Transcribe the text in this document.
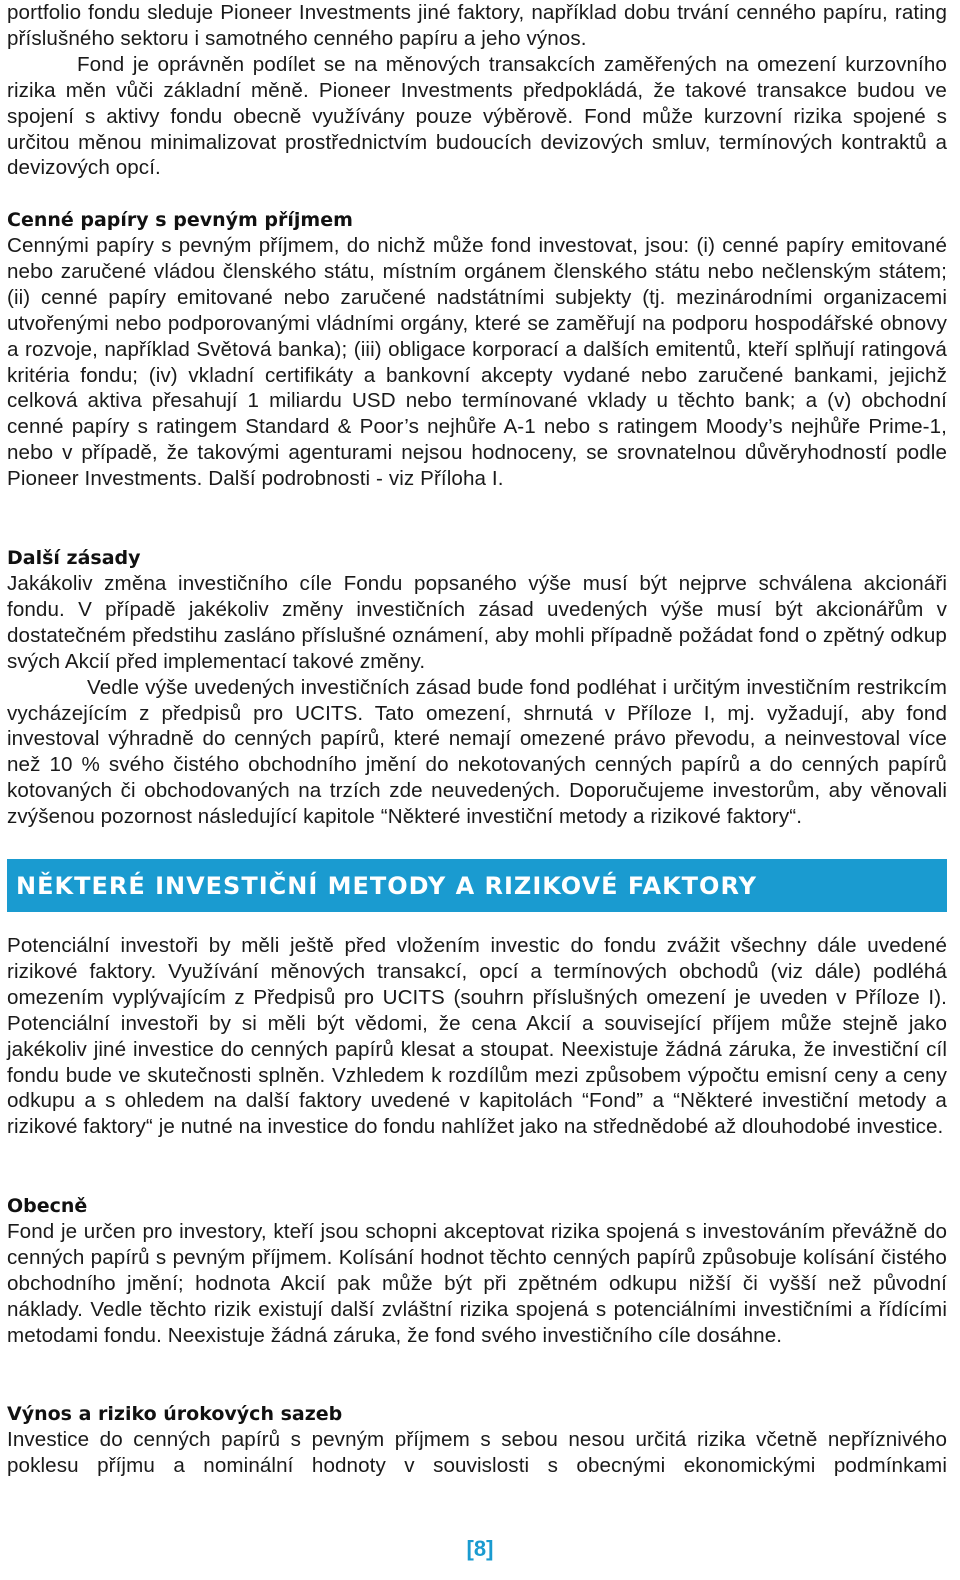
portfolio fondu sleduje Pioneer Investments jiné faktory, například dobu trvání cenného papíru, rating příslušného sektoru i samotného cenného papíru a jeho výnos.

Fond je oprávněn podílet se na měnových transakcích zaměřených na omezení kurzovního rizika měn vůči základní měně. Pioneer Investments předpokládá, že takové transakce budou ve spojení s aktivy fondu obecně využívány pouze výběrově. Fond může kurzovní rizika spojené s určitou měnou minimalizovat prostřednictvím budoucích devizových smluv, termínových kontraktů a devizových opcí.

Cenné papíry s pevným příjmem

Cennými papíry s pevným příjmem, do nichž může fond investovat, jsou: (i) cenné papíry emitované nebo zaručené vládou členského státu, místním orgánem členského státu nebo nečlenským státem; (ii) cenné papíry emitované nebo zaručené nadstátními subjekty (tj. mezinárodními organizacemi utvořenými nebo podporovanými vládními orgány, které se zaměřují na podporu hospodářské obnovy a rozvoje, například Světová banka); (iii) obligace korporací a dalších emitentů, kteří splňují ratingová kritéria fondu; (iv) vkladní certifikáty a bankovní akcepty vydané nebo zaručené bankami, jejichž celková aktiva přesahují 1 miliardu USD nebo termínované vklady u těchto bank; a (v) obchodní cenné papíry s ratingem Standard & Poor’s nejhůře A-1 nebo s ratingem Moody’s nejhůře Prime-1, nebo v případě, že takovými agenturami nejsou hodnoceny, se srovnatelnou důvěryhodností podle Pioneer Investments. Další podrobnosti - viz Příloha I.

Další zásady

Jakákoliv změna investičního cíle Fondu popsaného výše musí být nejprve schválena akcionáři fondu. V případě jakékoliv změny investičních zásad uvedených výše musí být akcionářům v dostatečném předstihu zasláno příslušné oznámení, aby mohli případně požádat fond o zpětný odkup svých Akcií před implementací takové změny.

Vedle výše uvedených investičních zásad bude fond podléhat i určitým investičním restrikcím vycházejícím z předpisů pro UCITS. Tato omezení, shrnutá v Příloze I, mj. vyžadují, aby fond investoval výhradně do cenných papírů, které nemají omezené právo převodu, a neinvestoval více než 10 % svého čistého obchodního jmění do nekotovaných cenných papírů a do cenných papírů kotovaných či obchodovaných na trzích zde neuvedených. Doporučujeme investorům, aby věnovali zvýšenou pozornost následující kapitole “Některé investiční metody a rizikové faktory“.

NĚKTERÉ INVESTIČNÍ METODY A RIZIKOVÉ FAKTORY

Potenciální investoři by měli ještě před vložením investic do fondu zvážit všechny dále uvedené rizikové faktory. Využívání měnových transakcí, opcí a termínových obchodů (viz dále) podléhá omezením vyplývajícím z Předpisů pro UCITS (souhrn příslušných omezení je uveden v Příloze I). Potenciální investoři by si měli být vědomi, že cena Akcií a související příjem může stejně jako jakékoliv jiné investice do cenných papírů klesat a stoupat. Neexistuje žádná záruka, že investiční cíl fondu bude ve skutečnosti splněn. Vzhledem k rozdílům mezi způsobem výpočtu emisní ceny a ceny odkupu a s ohledem na další faktory uvedené v kapitolách “Fond” a “Některé investiční metody a rizikové faktory“ je nutné na investice do fondu nahlížet jako na střednědobé až dlouhodobé investice.

Obecně

Fond je určen pro investory, kteří jsou schopni akceptovat rizika spojená s investováním převážně do cenných papírů s pevným příjmem. Kolísání hodnot těchto cenných papírů způsobuje kolísání čistého obchodního jmění; hodnota Akcií pak může být při zpětném odkupu nižší či vyšší než původní náklady. Vedle těchto rizik existují další zvláštní rizika spojená s potenciálními investičními a řídícími metodami fondu. Neexistuje žádná záruka, že fond svého investičního cíle dosáhne.

Výnos a riziko úrokových sazeb

Investice do cenných papírů s pevným příjmem s sebou nesou určitá rizika včetně nepříznivého poklesu příjmu a nominální hodnoty v souvislosti s obecnými ekonomickými podmínkami

[8]
